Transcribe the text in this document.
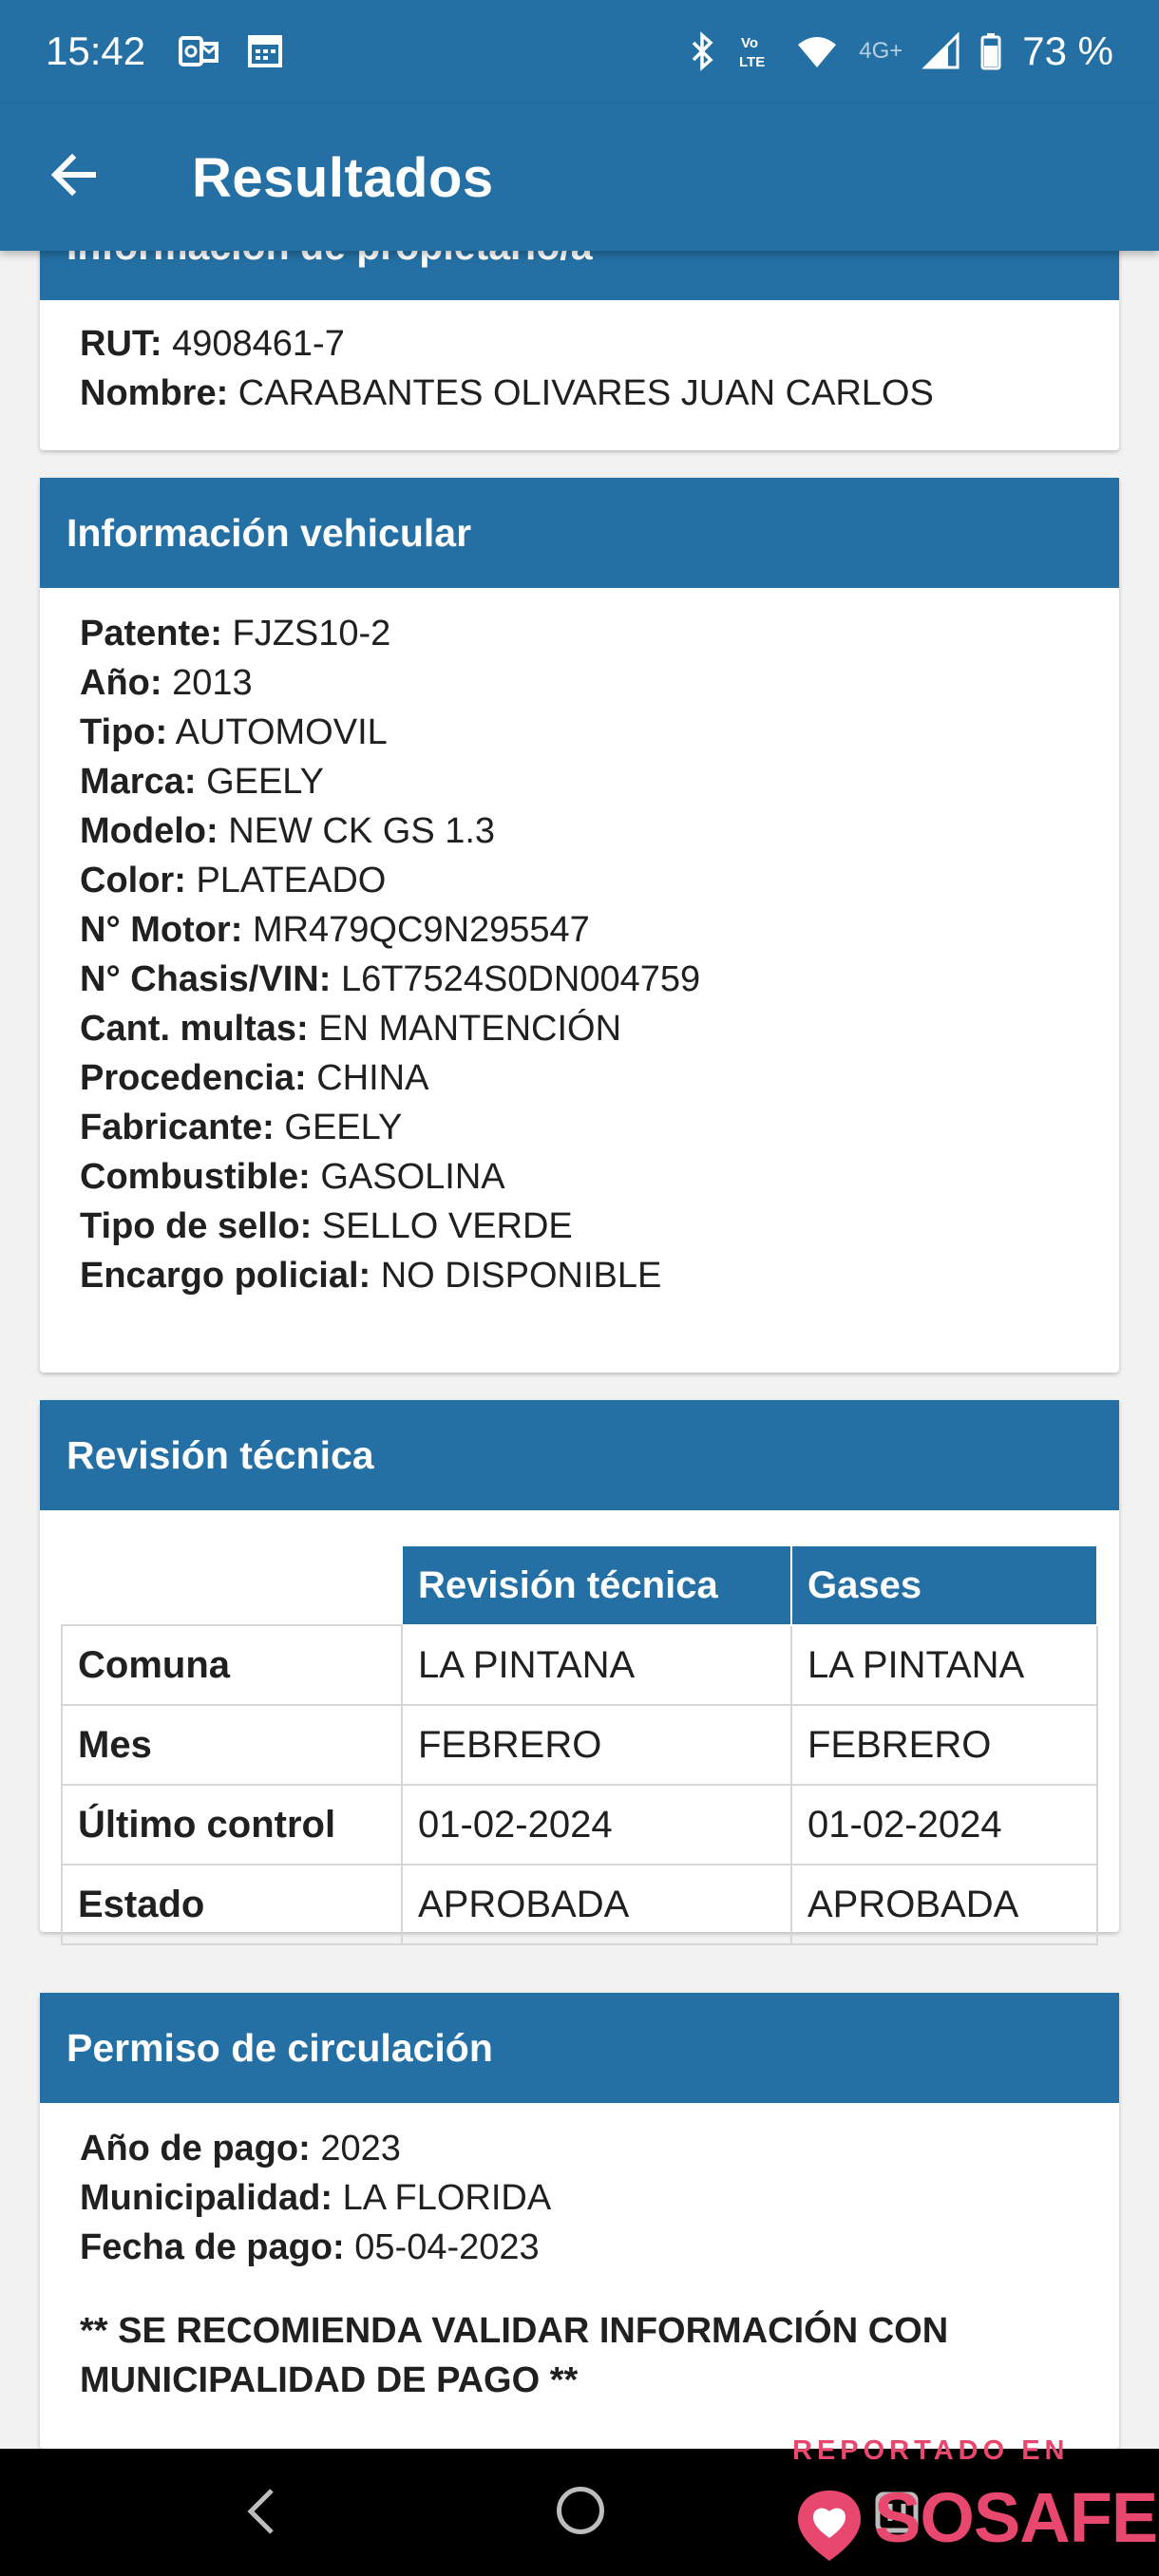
15:42	Vo
LTE	4G+	73 %
Resultados
RUT: 4908461-7
Nombre: CARABANTES OLIVARES JUAN CARLOS
Información vehicular
Patente: FJZS10-2
Año: 2013
Tipo: AUTOMOVIL
Marca: GEELY
Modelo: NEW CK GS 1.3
Color: PLATEADO
N° Motor: MR479QC9N295547
N° Chasis/VIN: L6T7524S0DN004759
Cant. multas: EN MANTENCIÓN
Procedencia: CHINA
Fabricante: GEELY
Combustible: GASOLINA
Tipo de sello: SELLO VERDE
Encargo policial: NO DISPONIBLE
Revisión técnica
	Revisión técnica	Gases
Comuna	LA PINTANA	LA PINTANA
Mes	FEBRERO	FEBRERO
Último control	01-02-2024	01-02-2024
Estado	APROBADA	APROBADA
Permiso de circulación
Año de pago: 2023
Municipalidad: LA FLORIDA
Fecha de pago: 05-04-2023
** SE RECOMIENDA VALIDAR INFORMACIÓN CON
MUNICIPALIDAD DE PAGO **
REPORTADO EN
SOSAFE
